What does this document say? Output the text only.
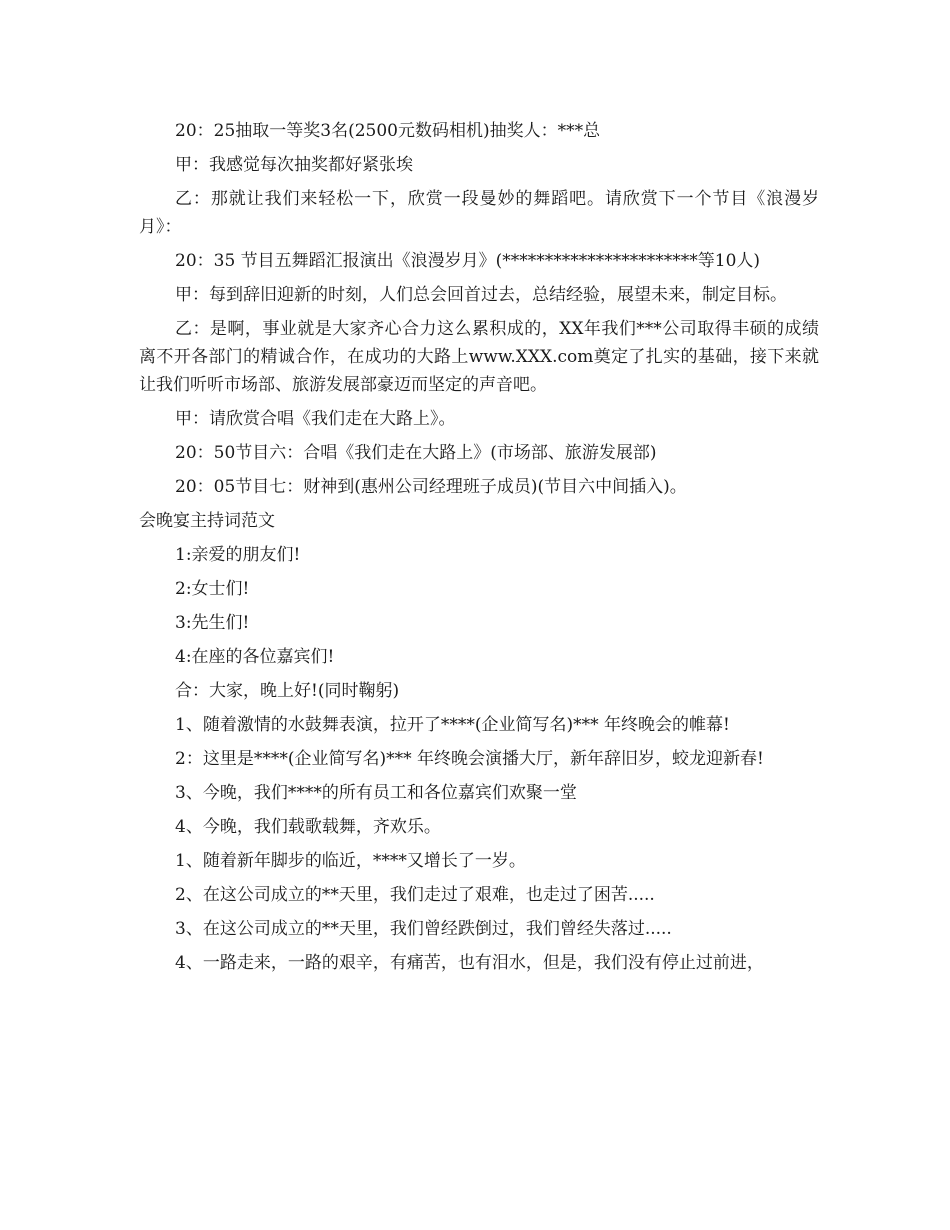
20：25抽取一等奖3名(2500元数码相机)抽奖人：***总

甲：我感觉每次抽奖都好紧张埃

乙：那就让我们来轻松一下，欣赏一段曼妙的舞蹈吧。请欣赏下一个节目《浪漫岁月》：

20：35 节目五舞蹈汇报演出《浪漫岁月》(***********************等10人)

甲：每到辞旧迎新的时刻，人们总会回首过去，总结经验，展望未来，制定目标。

乙：是啊，事业就是大家齐心合力这么累积成的，XX年我们***公司取得丰硕的成绩离不开各部门的精诚合作，在成功的大路上www.XXX.com奠定了扎实的基础，接下来就让我们听听市场部、旅游发展部豪迈而坚定的声音吧。

甲：请欣赏合唱《我们走在大路上》。

20：50节目六：合唱《我们走在大路上》(市场部、旅游发展部)

20：05节目七：财神到(惠州公司经理班子成员)(节目六中间插入)。

会晚宴主持词范文

1:亲爱的朋友们!

2:女士们!

3:先生们!

4:在座的各位嘉宾们!

合：大家，晚上好!(同时鞠躬)

1、随着激情的水鼓舞表演，拉开了****(企业简写名)*** 年终晚会的帷幕!

2：这里是****(企业简写名)*** 年终晚会演播大厅，新年辞旧岁，蛟龙迎新春!

3、今晚，我们****的所有员工和各位嘉宾们欢聚一堂

4、今晚，我们载歌载舞，齐欢乐。

1、随着新年脚步的临近，****又增长了一岁。

2、在这公司成立的**天里，我们走过了艰难，也走过了困苦.....

3、在这公司成立的**天里，我们曾经跌倒过，我们曾经失落过.....

4、一路走来，一路的艰辛，有痛苦，也有泪水，但是，我们没有停止过前进，
